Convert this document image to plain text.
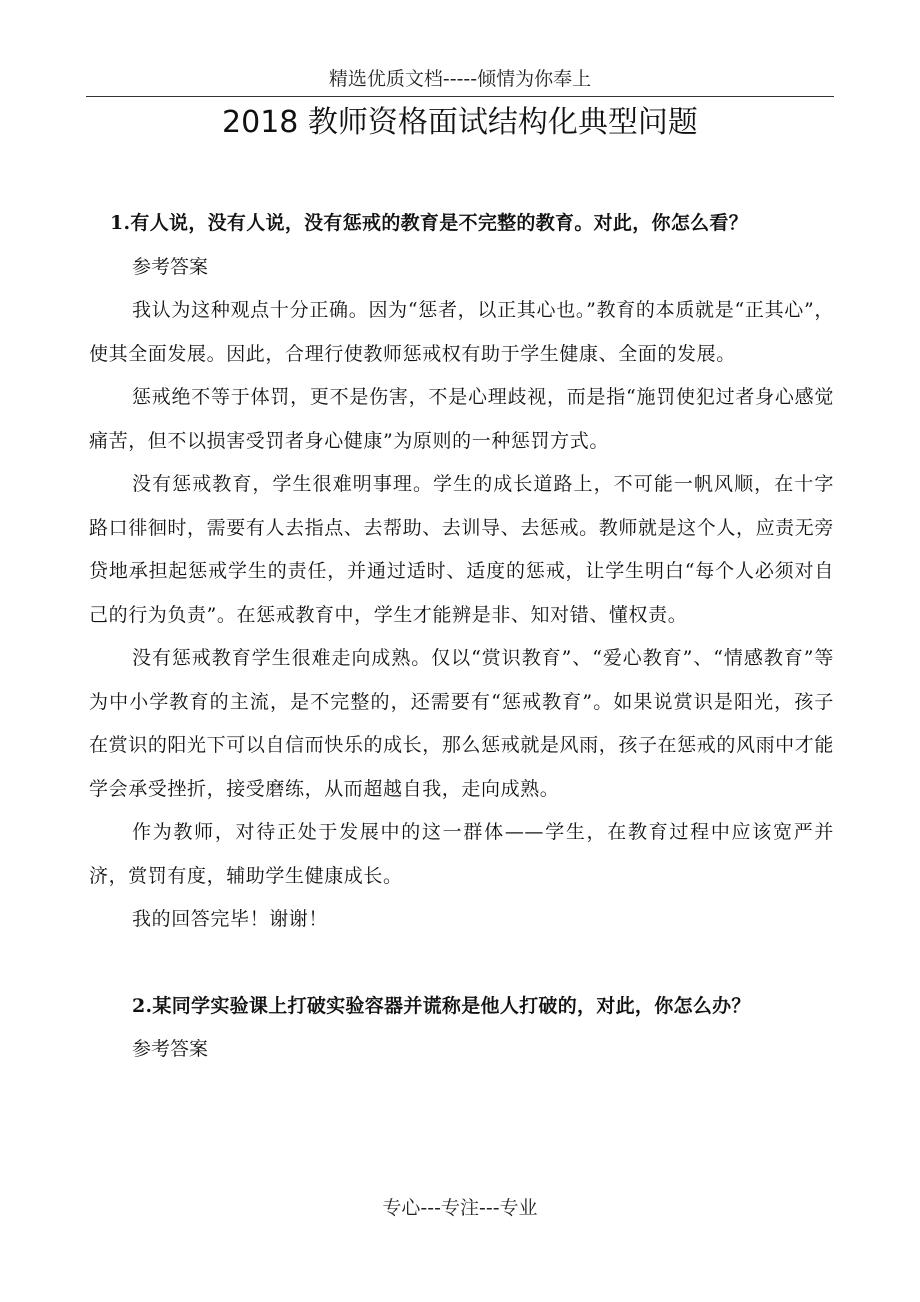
精选优质文档-----倾情为你奉上
2018 教师资格面试结构化典型问题
1.有人说，没有人说，没有惩戒的教育是不完整的教育。对此，你怎么看？
参考答案
我认为这种观点十分正确。因为“惩者，以正其心也。”教育的本质就是“正其心”，使其全面发展。因此，合理行使教师惩戒权有助于学生健康、全面的发展。
惩戒绝不等于体罚，更不是伤害，不是心理歧视，而是指“施罚使犯过者身心感觉痛苦，但不以损害受罚者身心健康”为原则的一种惩罚方式。
没有惩戒教育，学生很难明事理。学生的成长道路上，不可能一帆风顺，在十字路口徘徊时，需要有人去指点、去帮助、去训导、去惩戒。教师就是这个人，应责无旁贷地承担起惩戒学生的责任，并通过适时、适度的惩戒，让学生明白“每个人必须对自己的行为负责”。在惩戒教育中，学生才能辨是非、知对错、懂权责。
没有惩戒教育学生很难走向成熟。仅以“赏识教育”、“爱心教育”、“情感教育”等为中小学教育的主流，是不完整的，还需要有“惩戒教育”。如果说赏识是阳光，孩子在赏识的阳光下可以自信而快乐的成长，那么惩戒就是风雨，孩子在惩戒的风雨中才能学会承受挫折，接受磨练，从而超越自我，走向成熟。
作为教师，对待正处于发展中的这一群体——学生，在教育过程中应该宽严并济，赏罚有度，辅助学生健康成长。
我的回答完毕！谢谢！
2.某同学实验课上打破实验容器并谎称是他人打破的，对此，你怎么办？
参考答案
专心---专注---专业
